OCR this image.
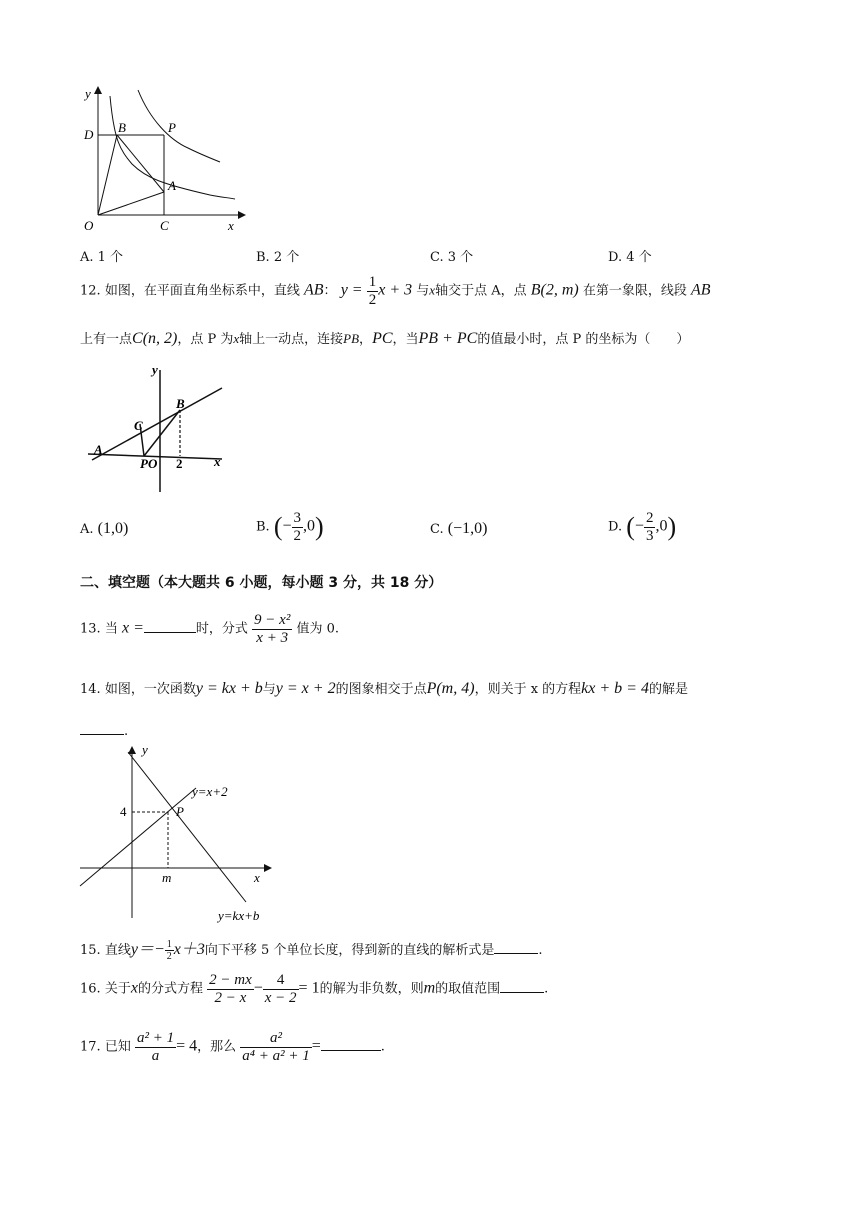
y
x
D B	P
A
O	C
A. 1 个	B. 2 个	C. 3 个	D. 4 个
12. 如图，在平面直角坐标系中，直线 AB： $y = \frac{1}{2}$ x + 3 与x轴交于点 A，点 B(2, m) 在第一象限，线段 AB
上有一点C(n, 2)，点 P 为x轴上一动点，连接PB，PC，当PB + PC的值最小时，点 P 的坐标为（　　）
y
B
C
A
PO 2 x
A. (1,0)	B. (− $\frac{3}{2} ,0$)	C. (−1,0)	D. (− $\frac{2}{3} ,0$)
二、填空题（本大题共 6 小题，每小题 3 分，共 18 分）
13. 当 x =	时，分式 $\frac{\text{9 − x²}}{x + 3}$ 值为 0.
14. 如图，一次函数y = kx + b与y = x + 2的图象相交于点P(m, 4)，则关于 x 的方程kx + b = 4的解是
.
y
x
4
m
P
y=x+2
y=kx+b
15. 直线$y=- \frac{1}{2} x+3$向下平移 5 个单位长度，得到新的直线的解析式是	.
16. 关于x的分式方程 $\frac{2 - mx}{2 - x} - \frac{4}{x - 2} = 1$的解为非负数，则m的取值范围	.
17. 已知 $\frac{\text{a² + 1}}{a} = 4$，那么 $\frac{\text{a²}}{\text{a⁴ + a² + 1}}$ =	.
